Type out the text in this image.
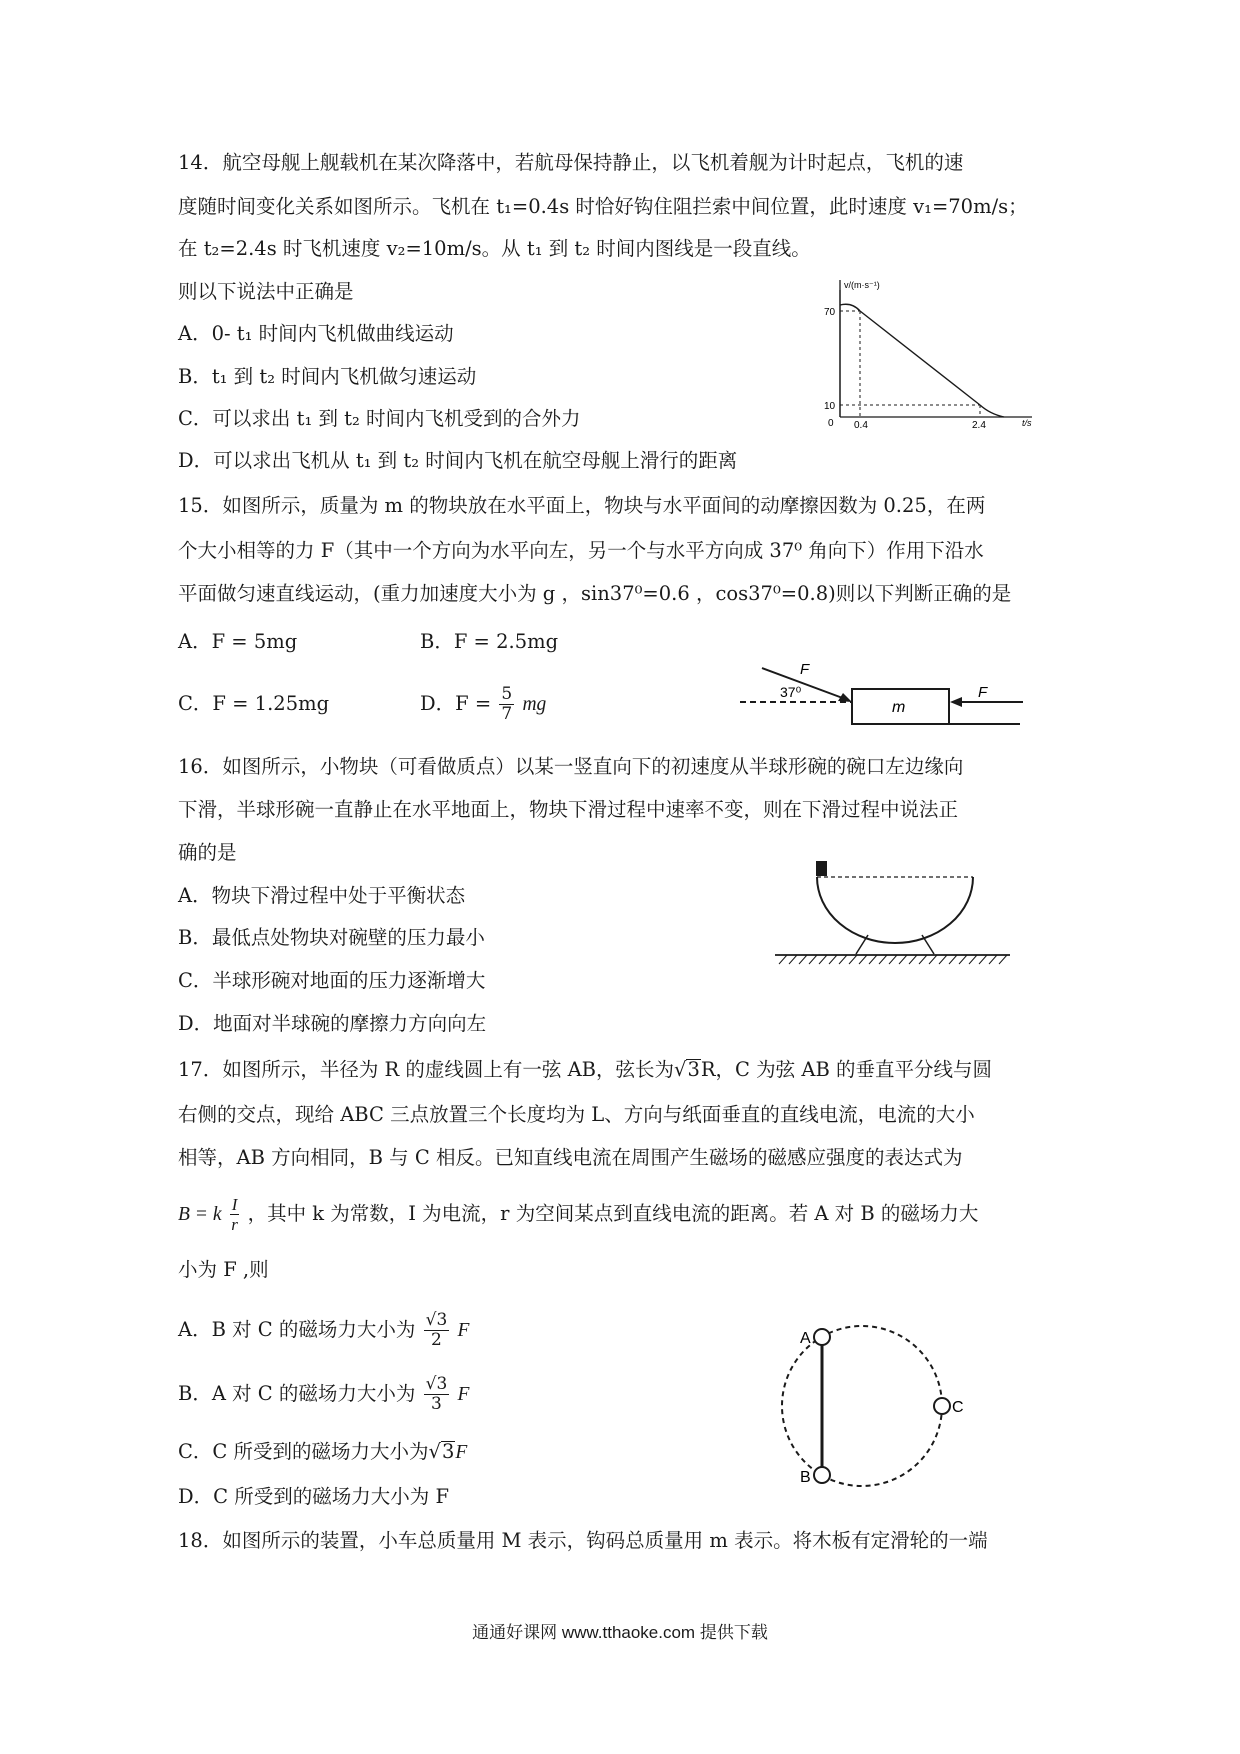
14．航空母舰上舰载机在某次降落中，若航母保持静止，以飞机着舰为计时起点，飞机的速
度随时间变化关系如图所示。飞机在 t₁=0.4s 时恰好钩住阻拦索中间位置，此时速度 v₁=70m/s；
在 t₂=2.4s 时飞机速度 v₂=10m/s。从 t₁ 到 t₂ 时间内图线是一段直线。
则以下说法中正确是
A．0- t₁ 时间内飞机做曲线运动
B．t₁ 到 t₂ 时间内飞机做匀速运动
C．可以求出 t₁ 到 t₂ 时间内飞机受到的合外力
D．可以求出飞机从 t₁ 到 t₂ 时间内飞机在航空母舰上滑行的距离
v/(m·s⁻¹)
t/s
0
70
10
0.4	2.4
15．如图所示，质量为 m 的物块放在水平面上，物块与水平面间的动摩擦因数为 0.25，在两
个大小相等的力 F（其中一个方向为水平向左，另一个与水平方向成 37⁰ 角向下）作用下沿水
平面做匀速直线运动，(重力加速度大小为 g ，sin37⁰=0.6 ，cos37⁰=0.8)则以下判断正确的是
A．F = 5mg	B．F = 2.5mg
C．F = 1.25mg	D．$F = \frac{5}{7}$ mg
F
37⁰
m
F
16．如图所示，小物块（可看做质点）以某一竖直向下的初速度从半球形碗的碗口左边缘向
下滑，半球形碗一直静止在水平地面上，物块下滑过程中速率不变，则在下滑过程中说法正
确的是
A．物块下滑过程中处于平衡状态
B．最低点处物块对碗壁的压力最小
C．半球形碗对地面的压力逐渐增大
D．地面对半球碗的摩擦力方向向左
17．如图所示，半径为 R 的虚线圆上有一弦 AB，弦长为√3R，C 为弦 AB 的垂直平分线与圆
右侧的交点，现给 ABC 三点放置三个长度均为 L、方向与纸面垂直的直线电流，电流的大小
相等，AB 方向相同，B 与 C 相反。已知直线电流在周围产生磁场的磁感应强度的表达式为
B = k $\frac{I}{r}$ ，其中 k 为常数，I 为电流，r 为空间某点到直线电流的距离。若 A 对 B 的磁场力大
小为 F ,则
A．B 对 C 的磁场力大小为 $\frac{√3}{2}$ F
B．A 对 C 的磁场力大小为 $\frac{√3}{3}$ F
C．C 所受到的磁场力大小为√3F
D．C 所受到的磁场力大小为 F
A
B
C
18．如图所示的装置，小车总质量用 M 表示，钩码总质量用 m 表示。将木板有定滑轮的一端
通通好课网 www.tthaoke.com 提供下载
